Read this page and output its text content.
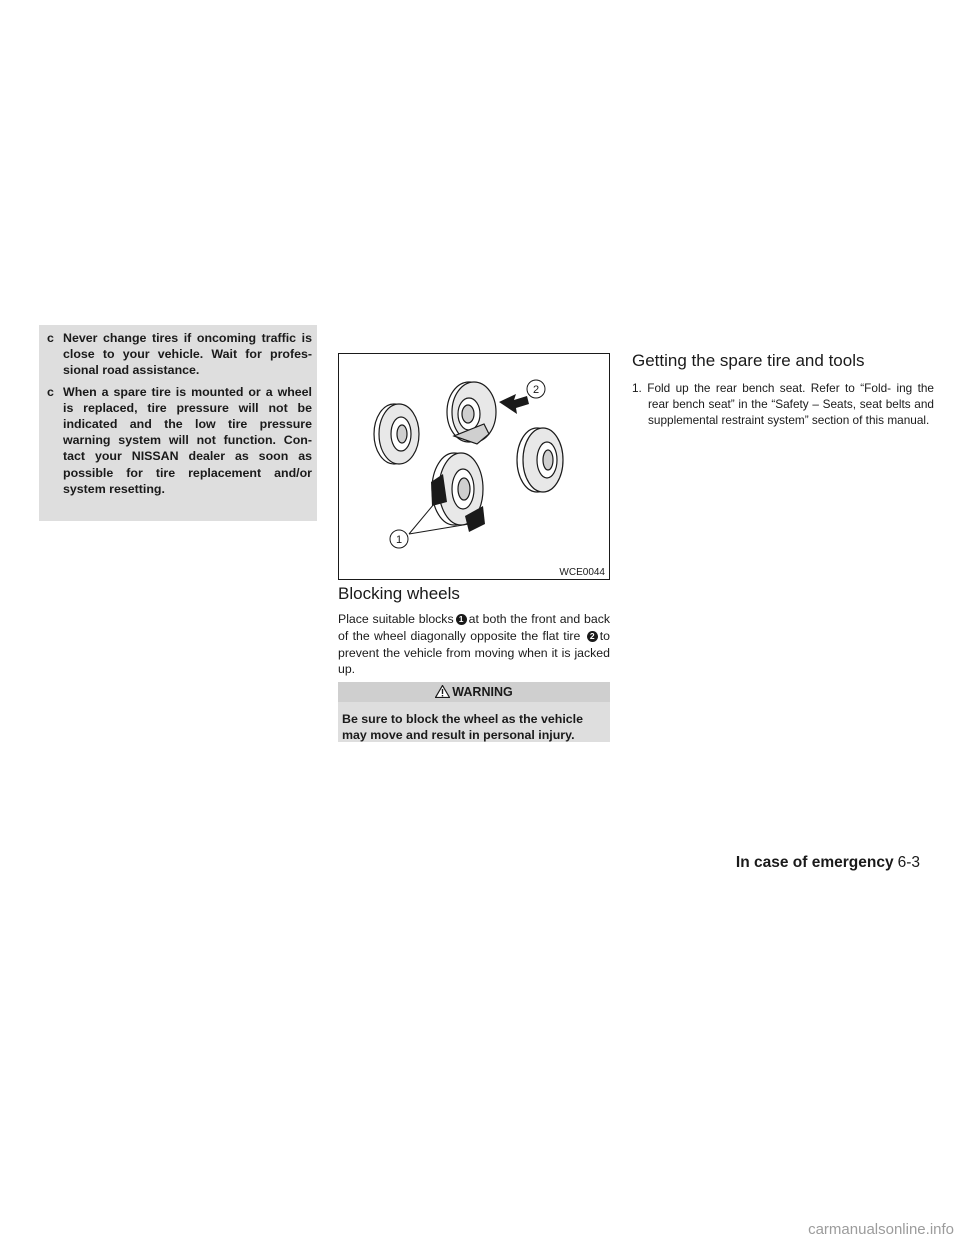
c Never change tires if oncoming traffic is close to your vehicle. Wait for profes- sional road assistance.
c When a spare tire is mounted or a wheel is replaced, tire pressure will not be indicated and the low tire pressure warning system will not function. Con- tact your NISSAN dealer as soon as possible for tire replacement and/or system resetting.
2
1
WCE0044
Blocking wheels

Place suitable blocks 1 at both the front and back of the wheel diagonally opposite the flat tire 2 to prevent the vehicle from moving when it is jacked up.

WARNING

Be sure to block the wheel as the vehicle may move and result in personal injury.

Getting the spare tire and tools

1. Fold up the rear bench seat. Refer to “Fold- ing the rear bench seat” in the “Safety – Seats, seat belts and supplemental restraint system” section of this manual.

In case of emergency 6-3
carmanualsonline.info
